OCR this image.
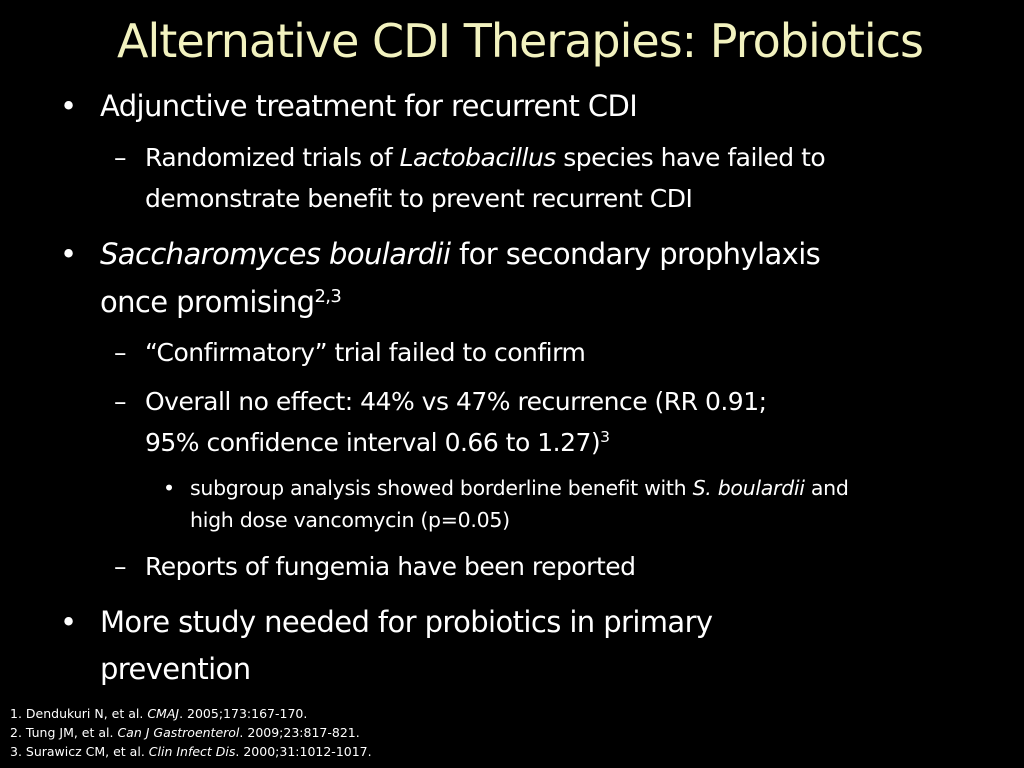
Alternative CDI Therapies: Probiotics
• Adjunctive treatment for recurrent CDI
– Randomized trials of Lactobacillus species have failed to
demonstrate benefit to prevent recurrent CDI
• Saccharomyces boulardii for secondary prophylaxis
once promising$^{2,3}$
– “Confirmatory” trial failed to confirm
– Overall no effect: 44% vs 47% recurrence (RR 0.91;
95% confidence interval 0.66 to 1.27)$^3$
• subgroup analysis showed borderline benefit with S. boulardii and
high dose vancomycin (p=0.05)
– Reports of fungemia have been reported
• More study needed for probiotics in primary
prevention
1. Dendukuri N, et al. CMAJ. 2005;173:167-170.
2. Tung JM, et al. Can J Gastroenterol. 2009;23:817-821.
3. Surawicz CM, et al. Clin Infect Dis. 2000;31:1012-1017.
